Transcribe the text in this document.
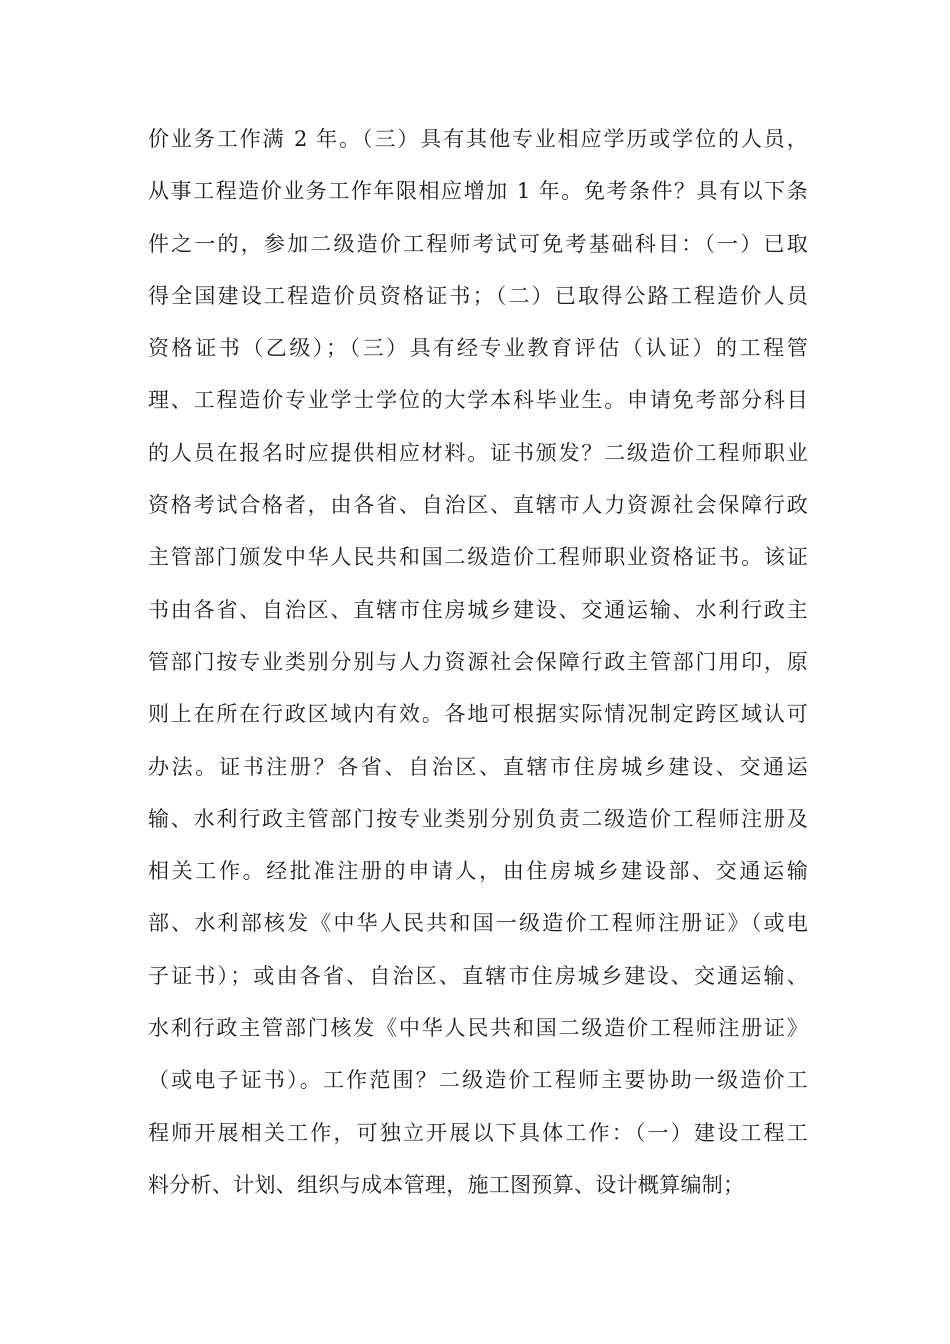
价业务工作满 2 年。（三）具有其他专业相应学历或学位的人员，
从事工程造价业务工作年限相应增加 1 年。免考条件？具有以下条
件之一的，参加二级造价工程师考试可免考基础科目：（一）已取
得全国建设工程造价员资格证书；（二）已取得公路工程造价人员
资格证书（乙级）；（三）具有经专业教育评估（认证）的工程管
理、工程造价专业学士学位的大学本科毕业生。申请免考部分科目
的人员在报名时应提供相应材料。证书颁发？二级造价工程师职业
资格考试合格者，由各省、自治区、直辖市人力资源社会保障行政
主管部门颁发中华人民共和国二级造价工程师职业资格证书。该证
书由各省、自治区、直辖市住房城乡建设、交通运输、水利行政主
管部门按专业类别分别与人力资源社会保障行政主管部门用印，原
则上在所在行政区域内有效。各地可根据实际情况制定跨区域认可
办法。证书注册？各省、自治区、直辖市住房城乡建设、交通运
输、水利行政主管部门按专业类别分别负责二级造价工程师注册及
相关工作。经批准注册的申请人，由住房城乡建设部、交通运输
部、水利部核发《中华人民共和国一级造价工程师注册证》（或电
子证书）；或由各省、自治区、直辖市住房城乡建设、交通运输、
水利行政主管部门核发《中华人民共和国二级造价工程师注册证》
（或电子证书）。工作范围？二级造价工程师主要协助一级造价工
程师开展相关工作，可独立开展以下具体工作：（一）建设工程工
料分析、计划、组织与成本管理，施工图预算、设计概算编制；
